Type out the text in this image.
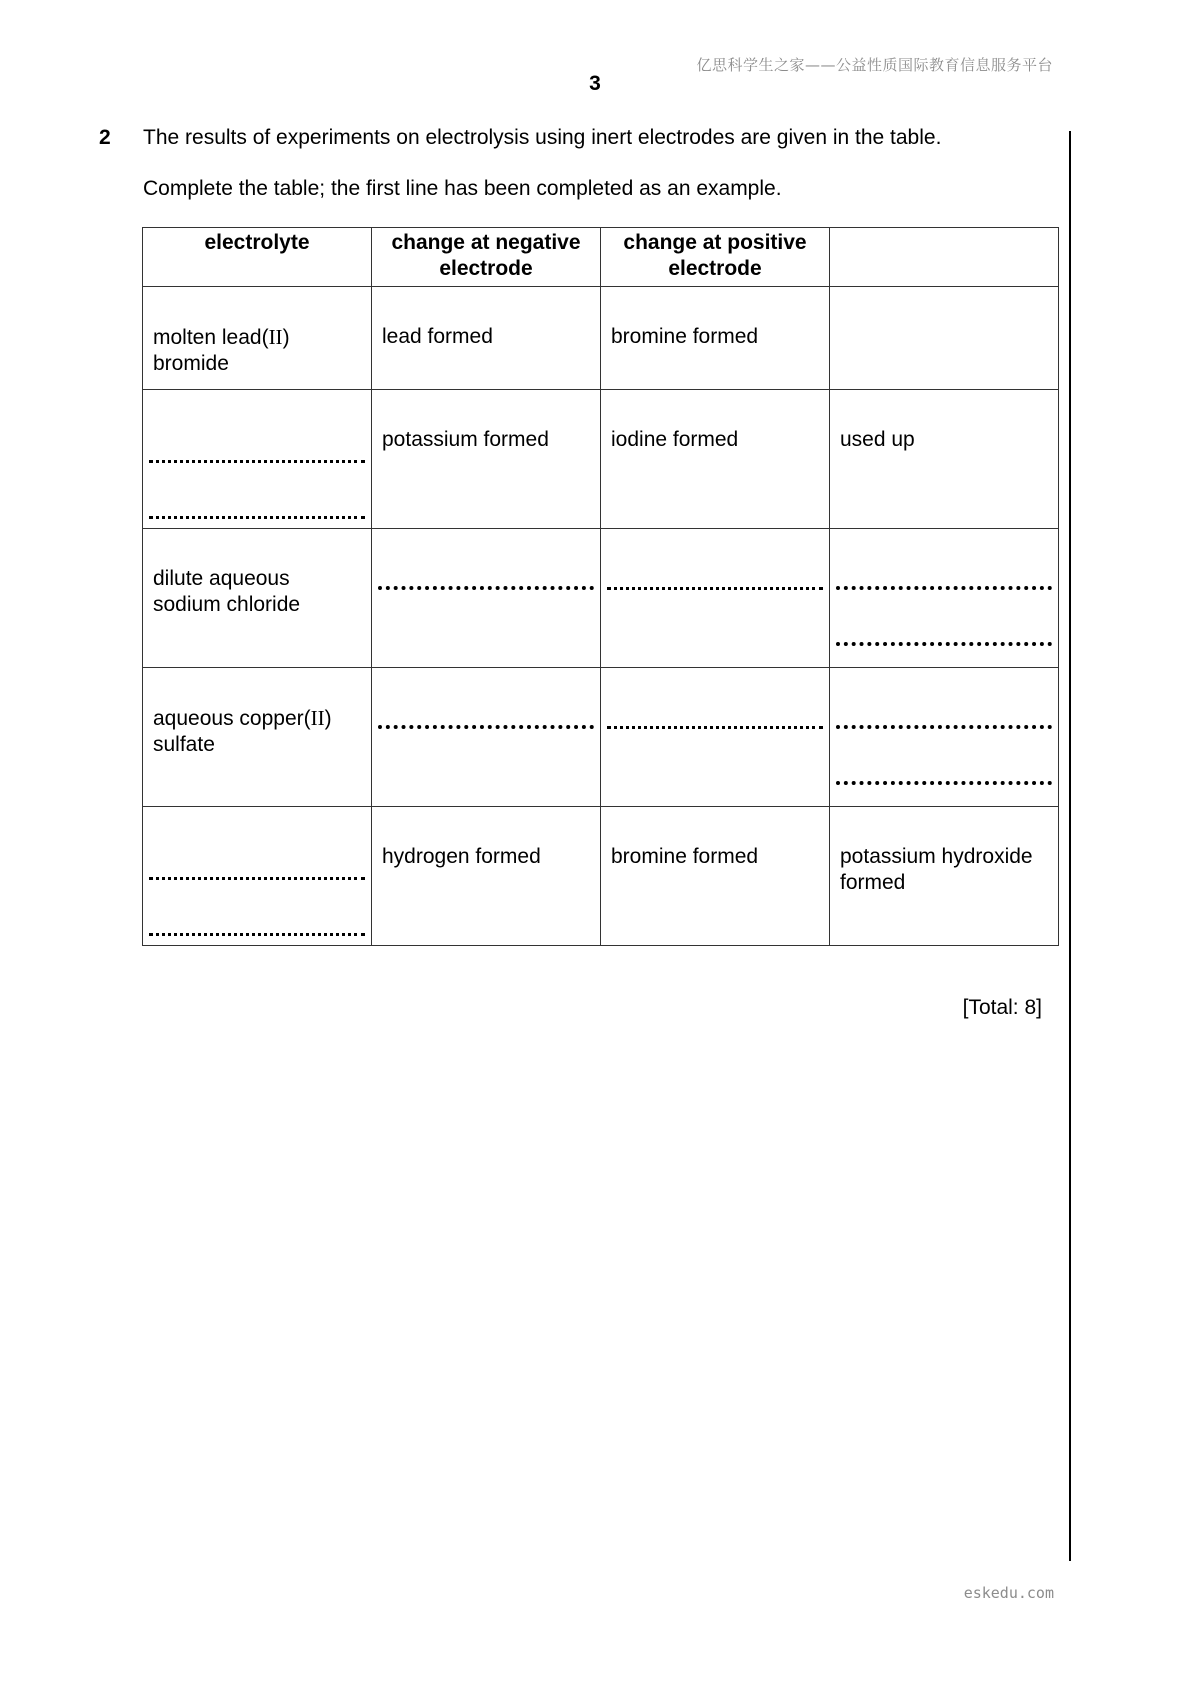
亿思科学生之家——公益性质国际教育信息服务平台
3
2 The results of experiments on electrolysis using inert electrodes are given in the table.
Complete the table; the first line has been completed as an example.
electrolyte	change at negative electrode	change at positive electrode	
molten lead(II) bromide	lead formed	bromine formed	

	potassium formed	iodine formed	used up
dilute aqueous sodium chloride	

aqueous copper(II) sulfate	

	hydrogen formed	bromine formed	potassium hydroxide formed
[Total: 8]
eskedu.com
